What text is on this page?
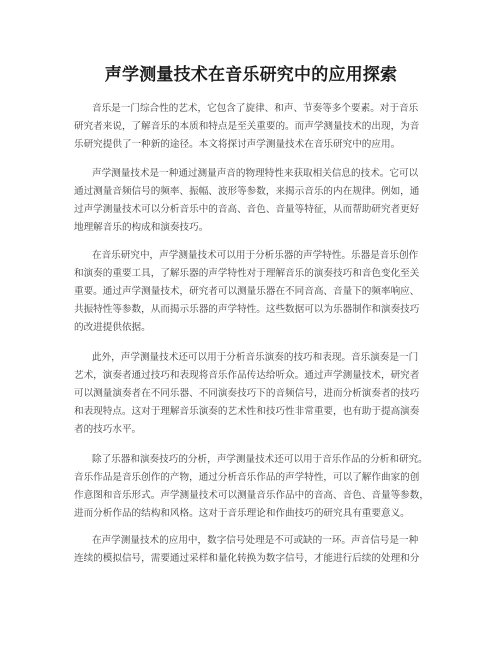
声学测量技术在音乐研究中的应用探索

音乐是一门综合性的艺术，它包含了旋律、和声、节奏等多个要素。对于音乐
研究者来说，了解音乐的本质和特点是至关重要的。而声学测量技术的出现，为音
乐研究提供了一种新的途径。本文将探讨声学测量技术在音乐研究中的应用。

声学测量技术是一种通过测量声音的物理特性来获取相关信息的技术。它可以
通过测量音频信号的频率、振幅、波形等参数，来揭示音乐的内在规律。例如，通
过声学测量技术可以分析音乐中的音高、音色、音量等特征，从而帮助研究者更好
地理解音乐的构成和演奏技巧。

在音乐研究中，声学测量技术可以用于分析乐器的声学特性。乐器是音乐创作
和演奏的重要工具，了解乐器的声学特性对于理解音乐的演奏技巧和音色变化至关
重要。通过声学测量技术，研究者可以测量乐器在不同音高、音量下的频率响应、
共振特性等参数，从而揭示乐器的声学特性。这些数据可以为乐器制作和演奏技巧
的改进提供依据。

此外，声学测量技术还可以用于分析音乐演奏的技巧和表现。音乐演奏是一门
艺术，演奏者通过技巧和表现将音乐作品传达给听众。通过声学测量技术，研究者
可以测量演奏者在不同乐器、不同演奏技巧下的音频信号，进而分析演奏者的技巧
和表现特点。这对于理解音乐演奏的艺术性和技巧性非常重要，也有助于提高演奏
者的技巧水平。

除了乐器和演奏技巧的分析，声学测量技术还可以用于音乐作品的分析和研究。
音乐作品是音乐创作的产物，通过分析音乐作品的声学特性，可以了解作曲家的创
作意图和音乐形式。声学测量技术可以测量音乐作品中的音高、音色、音量等参数，
进而分析作品的结构和风格。这对于音乐理论和作曲技巧的研究具有重要意义。

在声学测量技术的应用中，数字信号处理是不可或缺的一环。声音信号是一种
连续的模拟信号，需要通过采样和量化转换为数字信号，才能进行后续的处理和分
